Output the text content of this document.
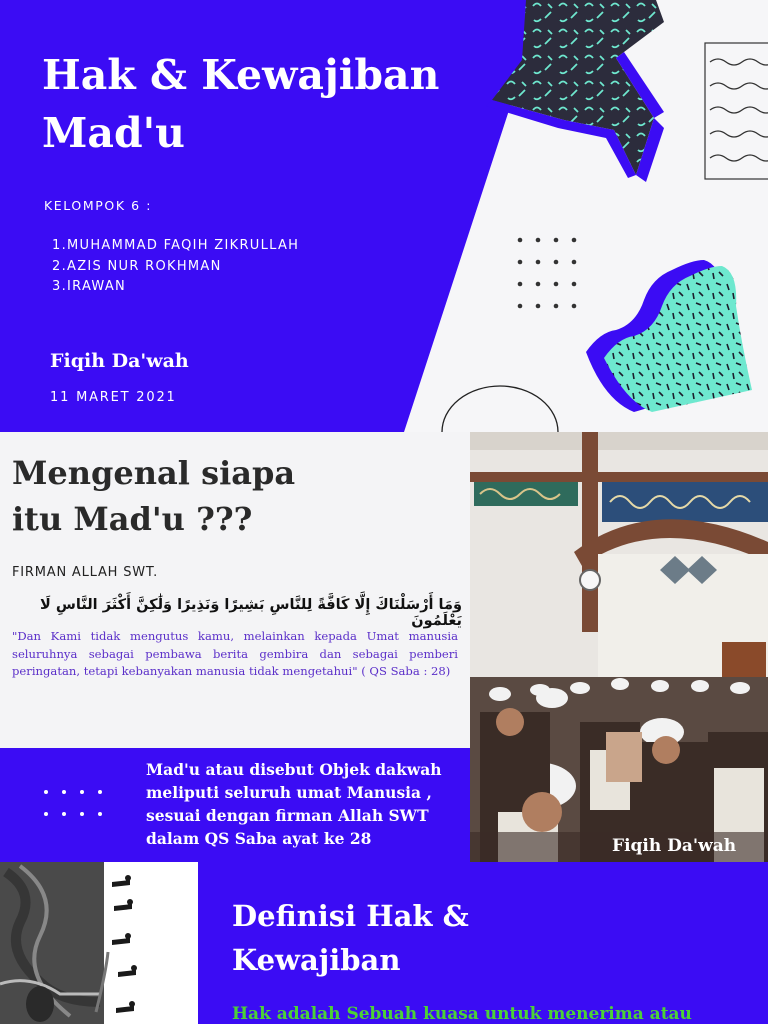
Hak & Kewajiban
Mad'u
KELOMPOK 6 :
1.MUHAMMAD FAQIH ZIKRULLAH
2.AZIS NUR ROKHMAN
3.IRAWAN
Fiqih Da'wah
11 MARET 2021
Mengenal siapa
itu Mad'u ???
FIRMAN ALLAH SWT.
وَمَا أَرْسَلْنَاكَ إِلَّا كَافَّةً لِلنَّاسِ بَشِيرًا وَنَذِيرًا وَلَٰكِنَّ أَكْثَرَ النَّاسِ لَا يَعْلَمُونَ

"Dan Kami tidak mengutus kamu, melainkan kepada Umat manusia seluruhnya sebagai pembawa berita gembira dan sebagai pemberi peringatan, tetapi kebanyakan manusia tidak mengetahui" ( QS Saba : 28)

Fiqih Da'wah

Mad'u atau disebut Objek dakwah meliputi seluruh umat Manusia , sesuai dengan firman Allah SWT dalam QS Saba ayat ke 28

Definisi Hak &
Kewajiban

Hak adalah Sebuah kuasa untuk menerima atau
